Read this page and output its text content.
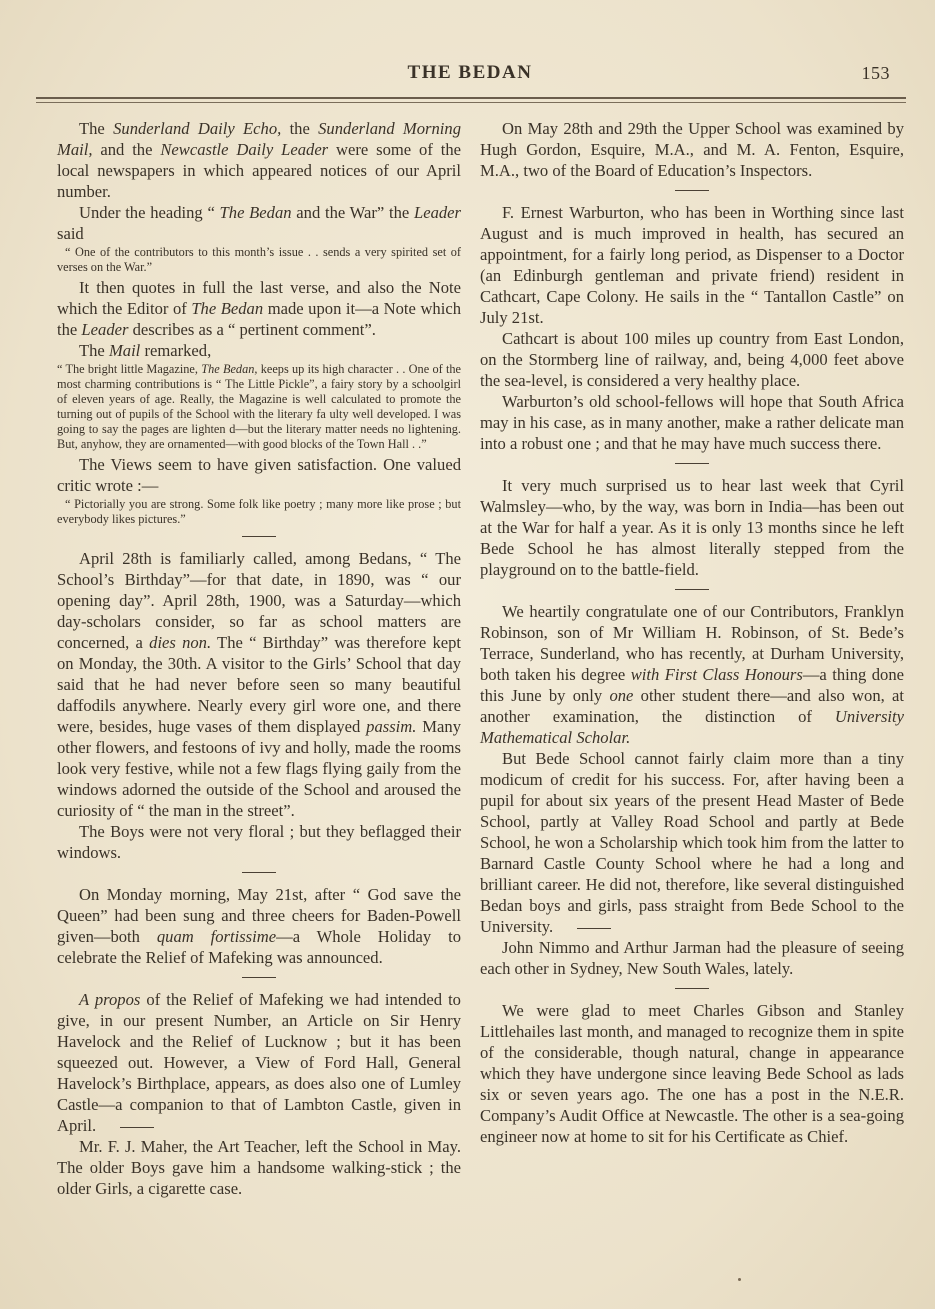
THE BEDAN	153

The Sunderland Daily Echo, the Sunderland Morning Mail, and the Newcastle Daily Leader were some of the local newspapers in which appeared notices of our April number.

Under the heading “ The Bedan and the War” the Leader said

“ One of the contributors to this month’s issue . . sends a very spirited set of verses on the War.”

It then quotes in full the last verse, and also the Note which the Editor of The Bedan made upon it—a Note which the Leader describes as a “ pertinent comment”.

The Mail remarked,

“ The bright little Magazine, The Bedan, keeps up its high character . . One of the most charming contributions is “ The Little Pickle”, a fairy story by a schoolgirl of eleven years of age. Really, the Magazine is well calculated to promote the turning out of pupils of the School with the literary fa ulty well developed. I was going to say the pages are lighten d—but the literary matter needs no lightening. But, anyhow, they are ornamented—with good blocks of the Town Hall . .”

The Views seem to have given satisfaction. One valued critic wrote :—

“ Pictorially you are strong. Some folk like poetry ; many more like prose ; but everybody likes pictures.”

April 28th is familiarly called, among Bedans, “ The School’s Birthday”—for that date, in 1890, was “ our opening day”. April 28th, 1900, was a Saturday—which day-scholars consider, so far as school matters are concerned, a dies non. The “ Birthday” was therefore kept on Monday, the 30th. A visitor to the Girls’ School that day said that he had never before seen so many beautiful daffodils anywhere. Nearly every girl wore one, and there were, besides, huge vases of them displayed passim. Many other flowers, and festoons of ivy and holly, made the rooms look very festive, while not a few flags flying gaily from the windows adorned the outside of the School and aroused the curiosity of “ the man in the street”.

The Boys were not very floral ; but they beflagged their windows.

On Monday morning, May 21st, after “ God save the Queen” had been sung and three cheers for Baden-Powell given—both quam fortissime—a Whole Holiday to celebrate the Relief of Mafeking was announced.

A propos of the Relief of Mafeking we had intended to give, in our present Number, an Article on Sir Henry Havelock and the Relief of Lucknow ; but it has been squeezed out. However, a View of Ford Hall, General Havelock’s Birthplace, appears, as does also one of Lumley Castle—a companion to that of Lambton Castle, given in April.

Mr. F. J. Maher, the Art Teacher, left the School in May. The older Boys gave him a handsome walking-stick ; the older Girls, a cigarette case.

On May 28th and 29th the Upper School was examined by Hugh Gordon, Esquire, M.A., and M. A. Fenton, Esquire, M.A., two of the Board of Education’s Inspectors.

F. Ernest Warburton, who has been in Worthing since last August and is much improved in health, has secured an appointment, for a fairly long period, as Dispenser to a Doctor (an Edinburgh gentleman and private friend) resident in Cathcart, Cape Colony. He sails in the “ Tantallon Castle” on July 21st.

Cathcart is about 100 miles up country from East London, on the Stormberg line of railway, and, being 4,000 feet above the sea-level, is considered a very healthy place.

Warburton’s old school-fellows will hope that South Africa may in his case, as in many another, make a rather delicate man into a robust one ; and that he may have much success there.

It very much surprised us to hear last week that Cyril Walmsley—who, by the way, was born in India—has been out at the War for half a year. As it is only 13 months since he left Bede School he has almost literally stepped from the playground on to the battle-field.

We heartily congratulate one of our Contributors, Franklyn Robinson, son of Mr William H. Robinson, of St. Bede’s Terrace, Sunderland, who has recently, at Durham University, both taken his degree with First Class Honours—a thing done this June by only one other student there—and also won, at another examination, the distinction of University Mathematical Scholar.

But Bede School cannot fairly claim more than a tiny modicum of credit for his success. For, after having been a pupil for about six years of the present Head Master of Bede School, partly at Valley Road School and partly at Bede School, he won a Scholarship which took him from the latter to Barnard Castle County School where he had a long and brilliant career. He did not, therefore, like several distinguished Bedan boys and girls, pass straight from Bede School to the University.

John Nimmo and Arthur Jarman had the pleasure of seeing each other in Sydney, New South Wales, lately.

We were glad to meet Charles Gibson and Stanley Littlehailes last month, and managed to recognize them in spite of the considerable, though natural, change in appearance which they have undergone since leaving Bede School as lads six or seven years ago. The one has a post in the N.E.R. Company’s Audit Office at Newcastle. The other is a sea-going engineer now at home to sit for his Certificate as Chief.
